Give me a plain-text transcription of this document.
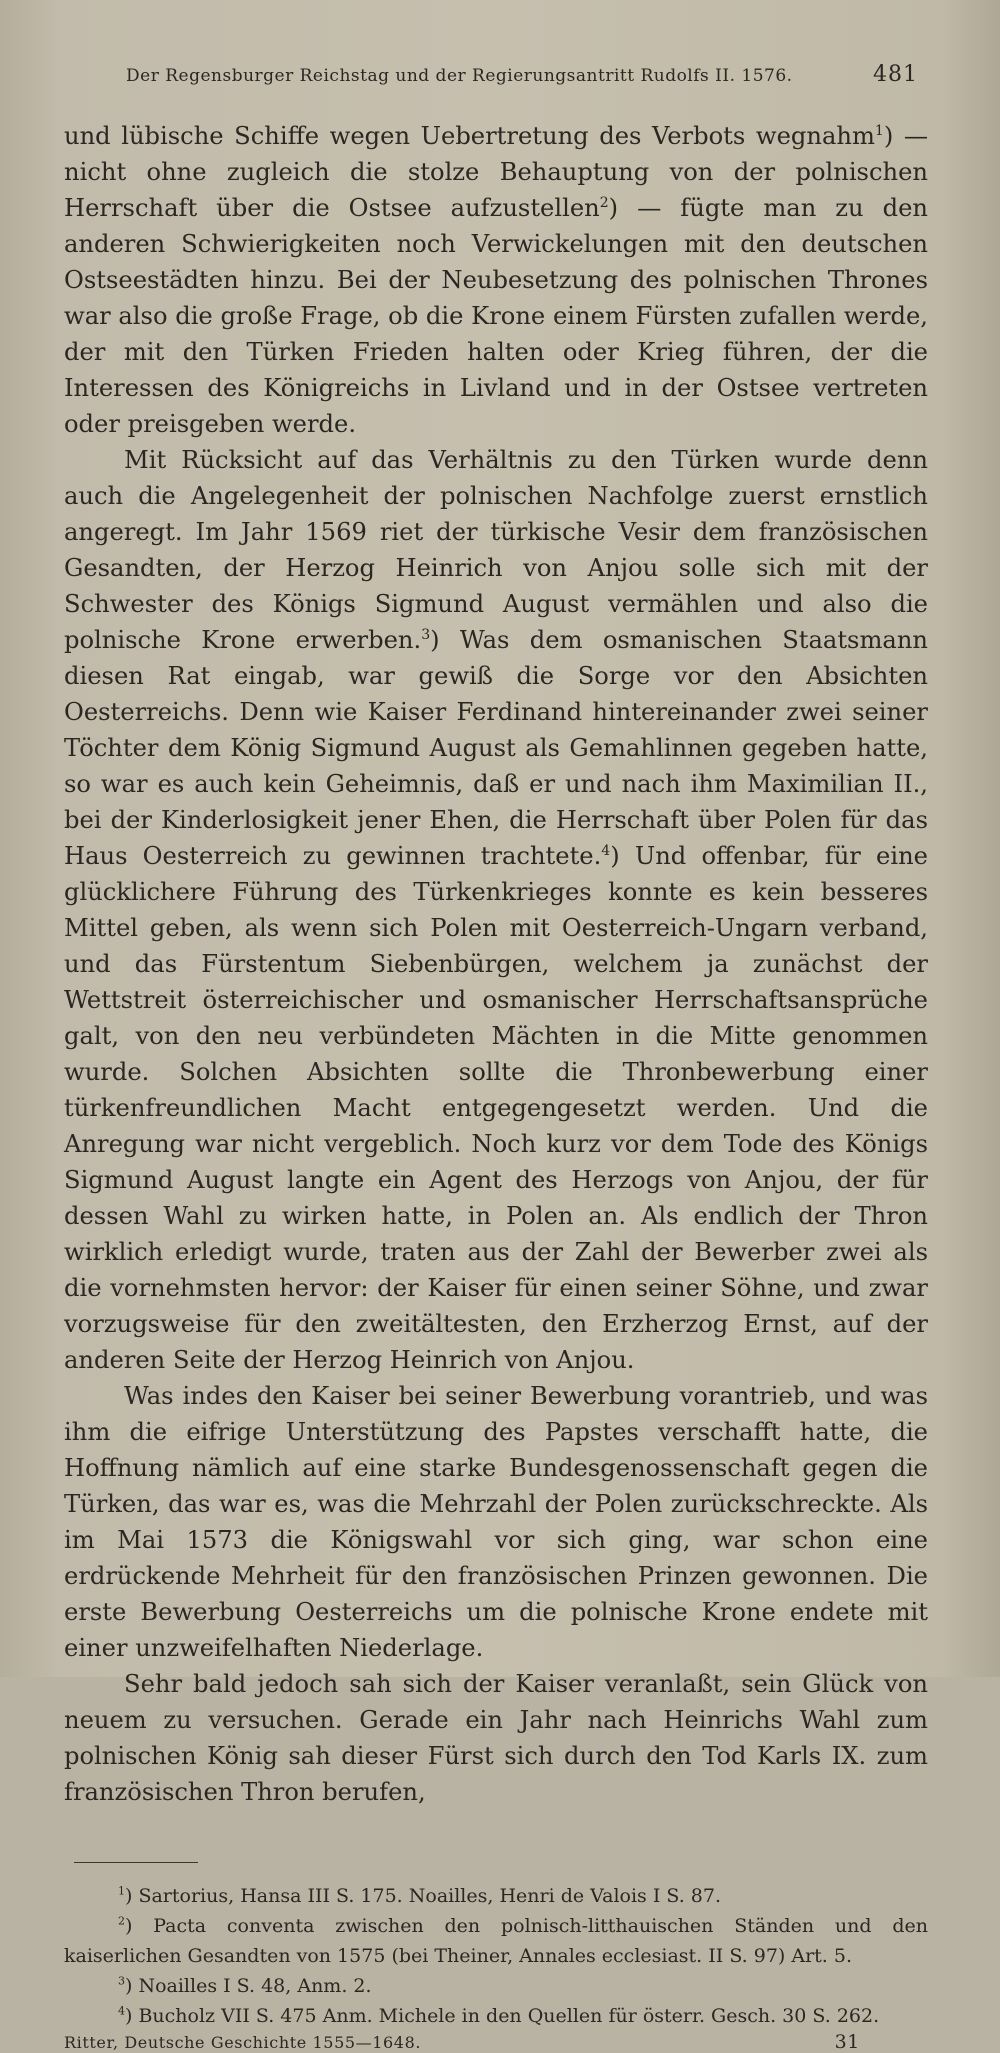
Der Regensburger Reichstag und der Regierungsantritt Rudolfs II. 1576.	481

und lübische Schiffe wegen Uebertretung des Verbots wegnahm$^1$) — nicht ohne zugleich die stolze Behauptung von der polnischen Herrschaft über die Ostsee aufzustellen$^2$) — fügte man zu den anderen Schwierigkeiten noch Verwickelungen mit den deutschen Ostseestädten hinzu. Bei der Neubesetzung des polnischen Thrones war also die große Frage, ob die Krone einem Fürsten zufallen werde, der mit den Türken Frieden halten oder Krieg führen, der die Interessen des Königreichs in Livland und in der Ostsee vertreten oder preisgeben werde.

Mit Rücksicht auf das Verhältnis zu den Türken wurde denn auch die Angelegenheit der polnischen Nachfolge zuerst ernstlich angeregt. Im Jahr 1569 riet der türkische Vesir dem französischen Gesandten, der Herzog Heinrich von Anjou solle sich mit der Schwester des Königs Sigmund August vermählen und also die polnische Krone erwerben.$^3$) Was dem osmanischen Staatsmann diesen Rat eingab, war gewiß die Sorge vor den Absichten Oesterreichs. Denn wie Kaiser Ferdinand hintereinander zwei seiner Töchter dem König Sigmund August als Gemahlinnen gegeben hatte, so war es auch kein Geheimnis, daß er und nach ihm Maximilian II., bei der Kinderlosigkeit jener Ehen, die Herrschaft über Polen für das Haus Oesterreich zu gewinnen trachtete.$^4$) Und offenbar, für eine glücklichere Führung des Türkenkrieges konnte es kein besseres Mittel geben, als wenn sich Polen mit Oesterreich-Ungarn verband, und das Fürstentum Siebenbürgen, welchem ja zunächst der Wettstreit österreichischer und osmanischer Herrschaftsansprüche galt, von den neu verbündeten Mächten in die Mitte genommen wurde. Solchen Absichten sollte die Thronbewerbung einer türkenfreundlichen Macht entgegengesetzt werden. Und die Anregung war nicht vergeblich. Noch kurz vor dem Tode des Königs Sigmund August langte ein Agent des Herzogs von Anjou, der für dessen Wahl zu wirken hatte, in Polen an. Als endlich der Thron wirklich erledigt wurde, traten aus der Zahl der Bewerber zwei als die vornehmsten hervor: der Kaiser für einen seiner Söhne, und zwar vorzugsweise für den zweitältesten, den Erzherzog Ernst, auf der anderen Seite der Herzog Heinrich von Anjou.

Was indes den Kaiser bei seiner Bewerbung vorantrieb, und was ihm die eifrige Unterstützung des Papstes verschafft hatte, die Hoffnung nämlich auf eine starke Bundesgenossenschaft gegen die Türken, das war es, was die Mehrzahl der Polen zurückschreckte. Als im Mai 1573 die Königswahl vor sich ging, war schon eine erdrückende Mehrheit für den französischen Prinzen gewonnen. Die erste Bewerbung Oesterreichs um die polnische Krone endete mit einer unzweifelhaften Niederlage.

Sehr bald jedoch sah sich der Kaiser veranlaßt, sein Glück von neuem zu versuchen. Gerade ein Jahr nach Heinrichs Wahl zum polnischen König sah dieser Fürst sich durch den Tod Karls IX. zum französischen Thron berufen,

$^1$) Sartorius, Hansa III S. 175. Noailles, Henri de Valois I S. 87.

$^2$) Pacta conventa zwischen den polnisch-litthauischen Ständen und den kaiserlichen Gesandten von 1575 (bei Theiner, Annales ecclesiast. II S. 97) Art. 5.

$^3$) Noailles I S. 48, Anm. 2.

$^4$) Bucholz VII S. 475 Anm. Michele in den Quellen für österr. Gesch. 30 S. 262.

Ritter, Deutsche Geschichte 1555—1648.	31
